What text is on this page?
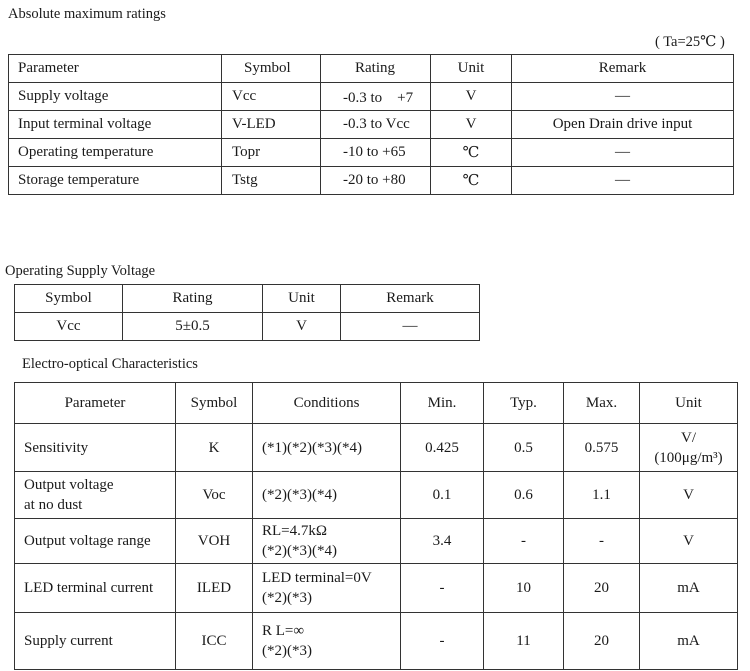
Absolute maximum ratings
( Ta=25℃ )
Parameter	Symbol	Rating	Unit	Remark
Supply voltage	Vcc	-0.3 to　+7	V	—
Input terminal voltage	V-LED	-0.3 to Vcc	V	Open Drain drive input
Operating temperature	Topr	-10 to +65	℃	—
Storage temperature	Tstg	-20 to +80	℃	—
Operating Supply Voltage
Symbol	Rating	Unit	Remark
Vcc	5±0.5	V	—
Electro-optical Characteristics
Parameter	Symbol	Conditions	Min.	Typ.	Max.	Unit

Sensitivity	K	(*1)(*2)(*3)(*4)	0.425	0.5	0.575	V/
(100μg/m³)

Output voltage
at no dust	Voc	(*2)(*3)(*4)	0.1	0.6	1.1	V

Output voltage range	VOH	RL=4.7kΩ
(*2)(*3)(*4)	3.4	-	-	V

LED terminal current	ILED	LED terminal=0V
(*2)(*3)	-	10	20	mA

Supply current	ICC	R L=∞
(*2)(*3)	-	11	20	mA
